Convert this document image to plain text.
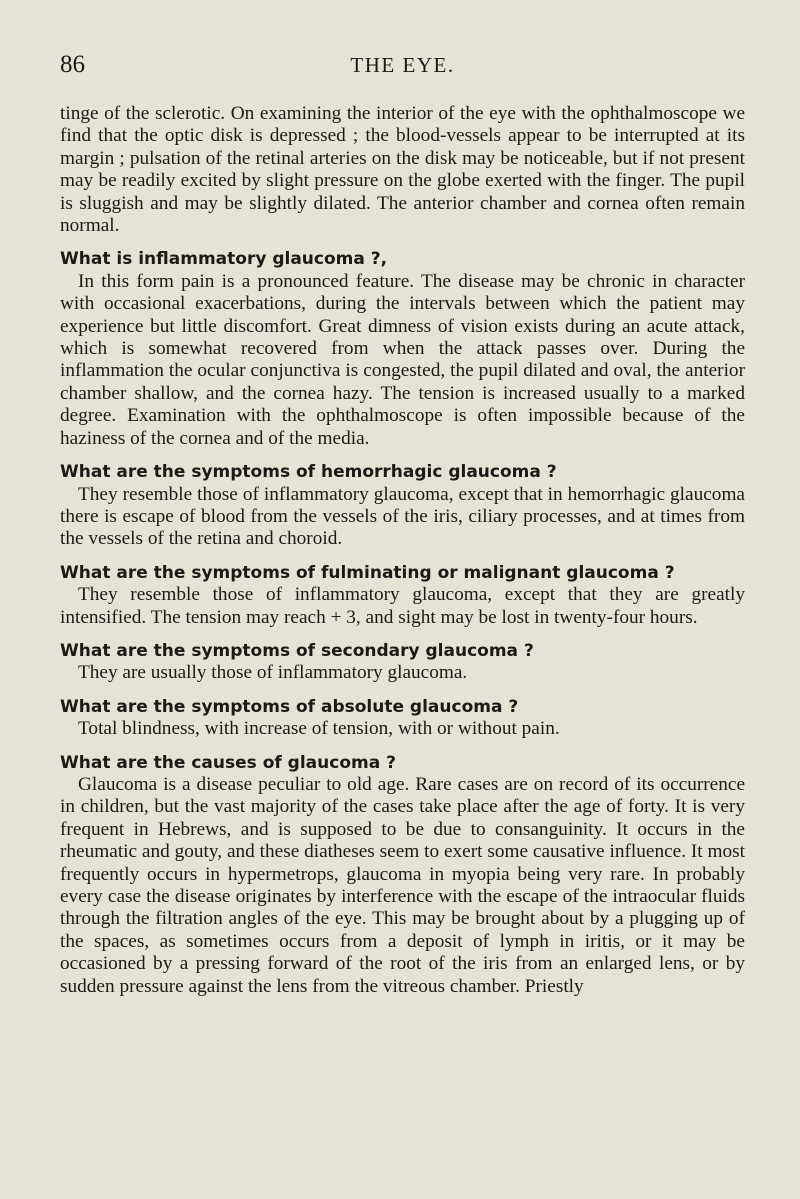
86	THE EYE.

tinge of the sclerotic. On examining the interior of the eye with the ophthalmoscope we find that the optic disk is depressed ; the blood-vessels appear to be interrupted at its margin ; pulsation of the retinal arteries on the disk may be noticeable, but if not present may be readily excited by slight pressure on the globe exerted with the finger. The pupil is sluggish and may be slightly dilated. The anterior chamber and cornea often remain normal.

What is inflammatory glaucoma ?,

In this form pain is a pronounced feature. The disease may be chronic in character with occasional exacerbations, during the intervals between which the patient may experience but little discomfort. Great dimness of vision exists during an acute attack, which is somewhat recovered from when the attack passes over. During the inflammation the ocular conjunctiva is congested, the pupil dilated and oval, the anterior chamber shallow, and the cornea hazy. The tension is increased usually to a marked degree. Examination with the ophthalmoscope is often impossible because of the haziness of the cornea and of the media.

What are the symptoms of hemorrhagic glaucoma ?

They resemble those of inflammatory glaucoma, except that in hemorrhagic glaucoma there is escape of blood from the vessels of the iris, ciliary processes, and at times from the vessels of the retina and choroid.

What are the symptoms of fulminating or malignant glaucoma ?

They resemble those of inflammatory glaucoma, except that they are greatly intensified. The tension may reach + 3, and sight may be lost in twenty-four hours.

What are the symptoms of secondary glaucoma ?

They are usually those of inflammatory glaucoma.

What are the symptoms of absolute glaucoma ?

Total blindness, with increase of tension, with or without pain.

What are the causes of glaucoma ?

Glaucoma is a disease peculiar to old age. Rare cases are on record of its occurrence in children, but the vast majority of the cases take place after the age of forty. It is very frequent in Hebrews, and is supposed to be due to consanguinity. It occurs in the rheumatic and gouty, and these diatheses seem to exert some causative influence. It most frequently occurs in hypermetrops, glaucoma in myopia being very rare. In probably every case the disease originates by interference with the escape of the intraocular fluids through the filtration angles of the eye. This may be brought about by a plugging up of the spaces, as sometimes occurs from a deposit of lymph in iritis, or it may be occasioned by a pressing forward of the root of the iris from an enlarged lens, or by sudden pressure against the lens from the vitreous chamber. Priestly
